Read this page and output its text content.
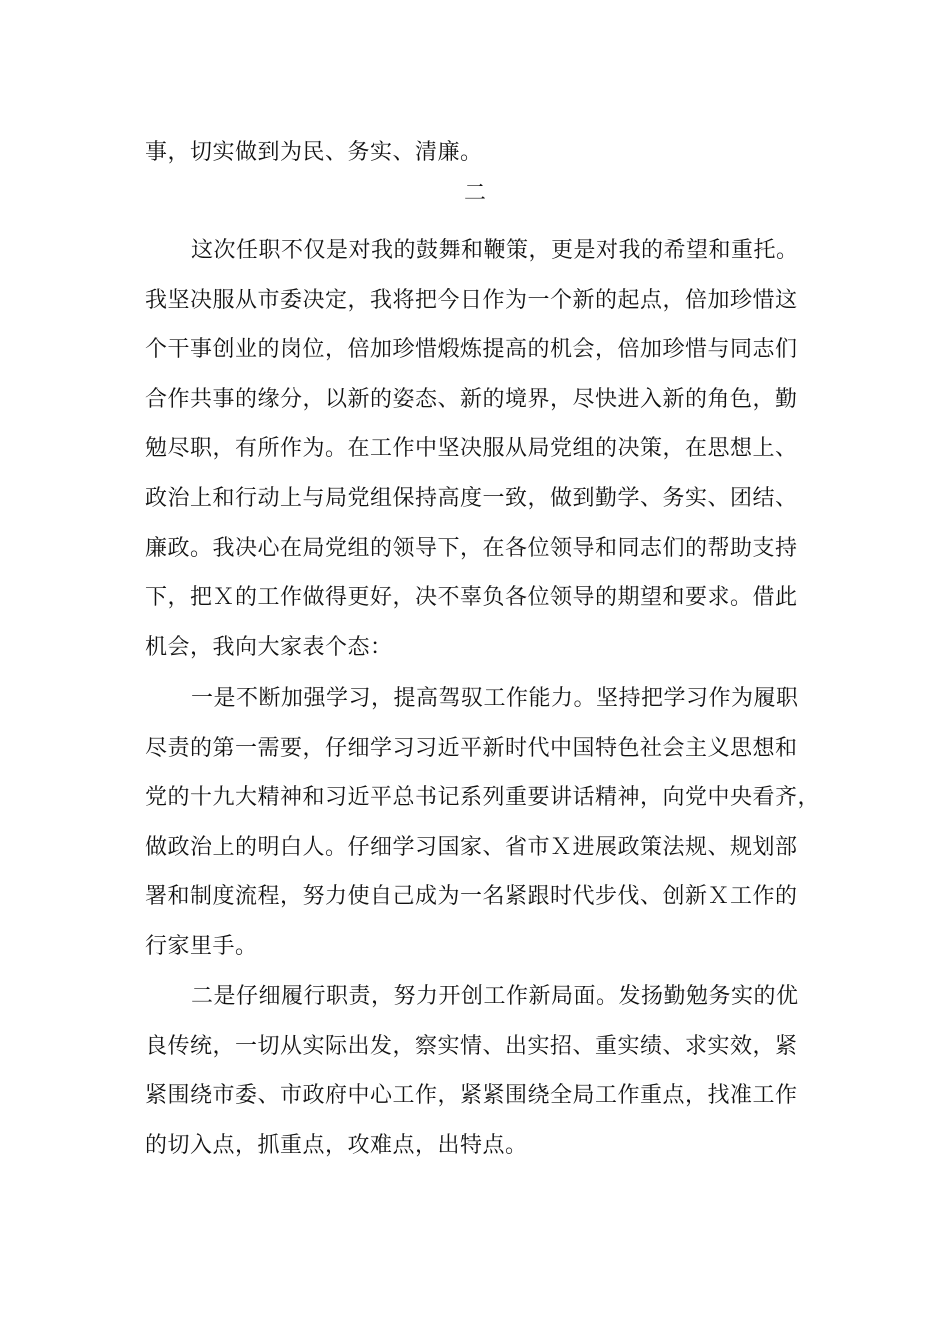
事，切实做到为民、务实、清廉。

二

这次任职不仅是对我的鼓舞和鞭策，更是对我的希望和重托。
我坚决服从市委决定，我将把今日作为一个新的起点，倍加珍惜这
个干事创业的岗位，倍加珍惜煅炼提高的机会，倍加珍惜与同志们
合作共事的缘分，以新的姿态、新的境界，尽快进入新的角色，勤
勉尽职，有所作为。在工作中坚决服从局党组的决策，在思想上、
政治上和行动上与局党组保持高度一致，做到勤学、务实、团结、
廉政。我决心在局党组的领导下，在各位领导和同志们的帮助支持
下，把Ｘ的工作做得更好，决不辜负各位领导的期望和要求。借此
机会，我向大家表个态：

一是不断加强学习，提高驾驭工作能力。坚持把学习作为履职
尽责的第一需要，仔细学习习近平新时代中国特色社会主义思想和
党的十九大精神和习近平总书记系列重要讲话精神，向党中央看齐，
做政治上的明白人。仔细学习国家、省市Ｘ进展政策法规、规划部
署和制度流程，努力使自己成为一名紧跟时代步伐、创新Ｘ工作的
行家里手。

二是仔细履行职责，努力开创工作新局面。发扬勤勉务实的优
良传统，一切从实际出发，察实情、出实招、重实绩、求实效，紧
紧围绕市委、市政府中心工作，紧紧围绕全局工作重点，找准工作
的切入点，抓重点，攻难点，出特点。
